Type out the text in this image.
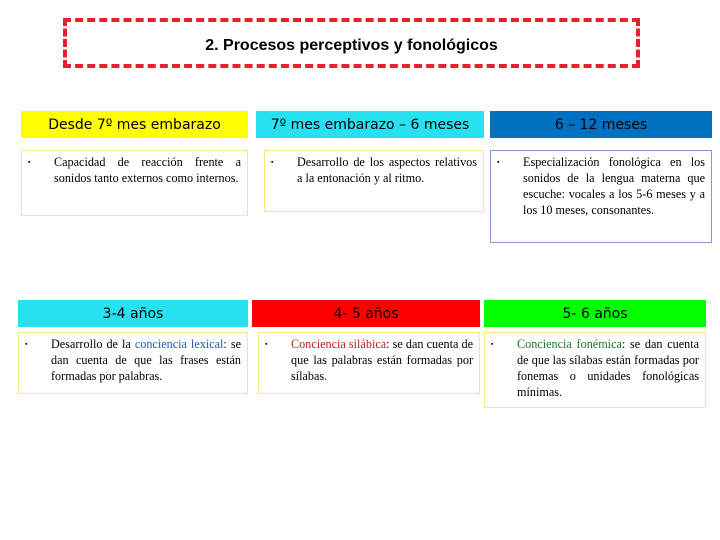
2. Procesos perceptivos y fonológicos
Desde 7º mes embarazo	7º mes embarazo – 6 meses	6 – 12 meses
▪	Capacidad de reacción frente a sonidos tanto externos como internos.
▪	Desarrollo de los aspectos relativos a la entonación y al ritmo.
▪	Especialización fonológica en los sonidos de la lengua materna que escuche: vocales a los 5-6 meses y a los 10 meses, consonantes.
3-4 años	4- 5 años	5- 6 años
▪	Desarrollo de la conciencia lexical: se dan cuenta de que las frases están formadas por palabras.
▪	Conciencia silábica: se dan cuenta de que las palabras están formadas por sílabas.
▪	Conciencia fonémica: se dan cuenta de que las sílabas están formadas por fonemas o unidades fonológicas mínimas.
